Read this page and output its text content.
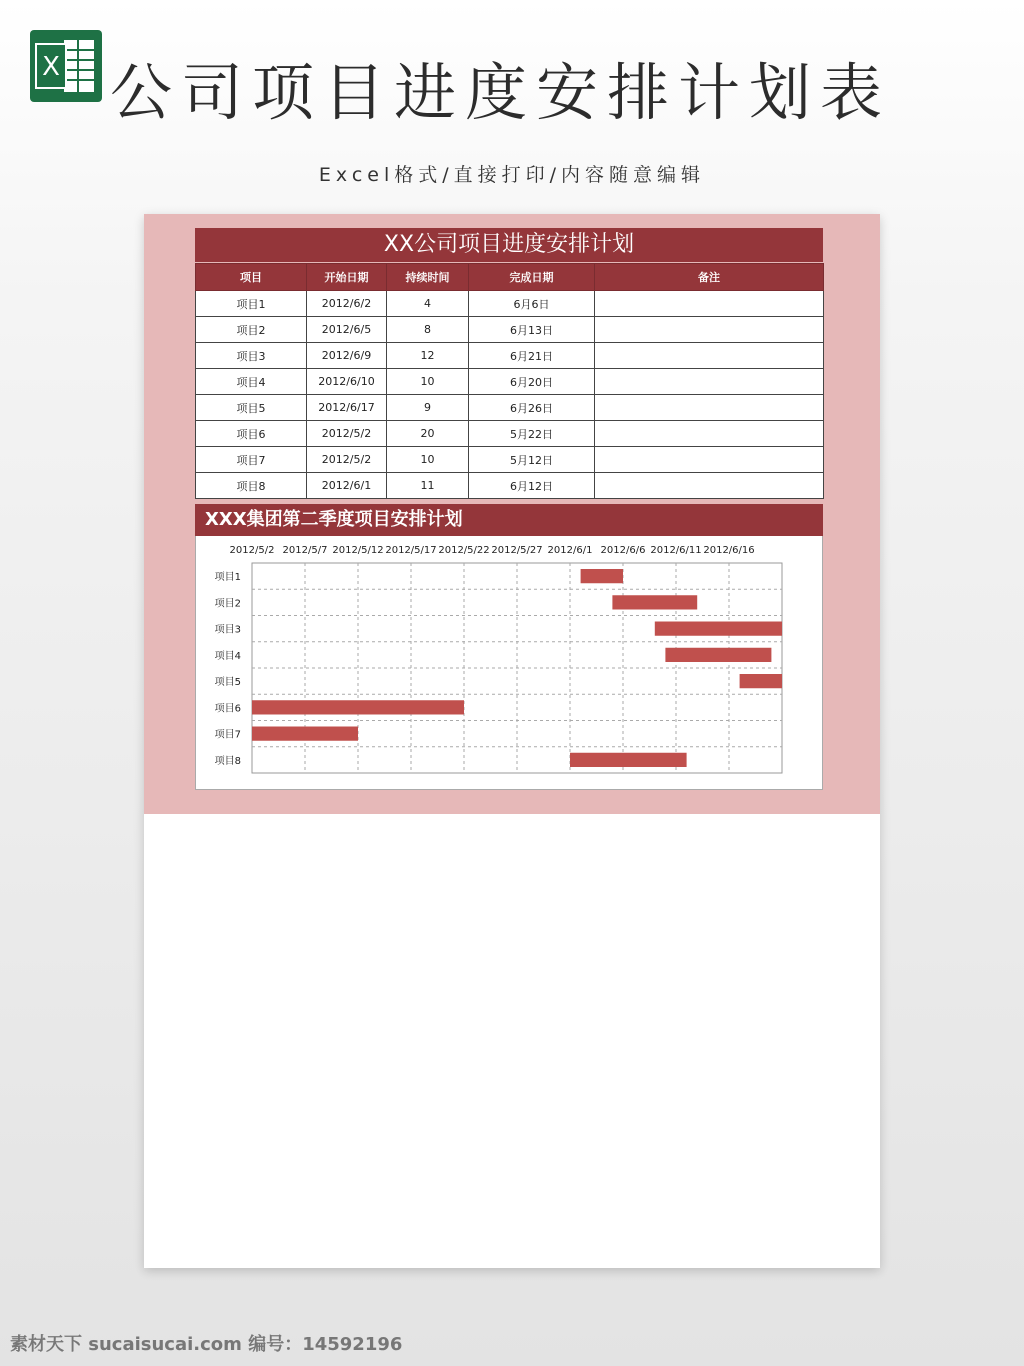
X 公司项目进度安排计划表
Excel格式/直接打印/内容随意编辑
XX公司项目进度安排计划
项目	开始日期	持续时间	完成日期	备注
项目1	2012/6/2	4	6月6日	
项目2	2012/6/5	8	6月13日	
项目3	2012/6/9	12	6月21日	
项目4	2012/6/10	10	6月20日	
项目5	2012/6/17	9	6月26日	
项目6	2012/5/2	20	5月22日	
项目7	2012/5/2	10	5月12日	
项目8	2012/6/1	11	6月12日	
XXX集团第二季度项目安排计划
2012/5/2 2012/5/7 2012/5/12 2012/5/17 2012/5/22 2012/5/27 2012/6/1 2012/6/6 2012/6/11 2012/6/16
项目1
项目2
项目3
项目4
项目5
项目6
项目7
项目8
素材天下 sucaisucai.com 编号：14592196
